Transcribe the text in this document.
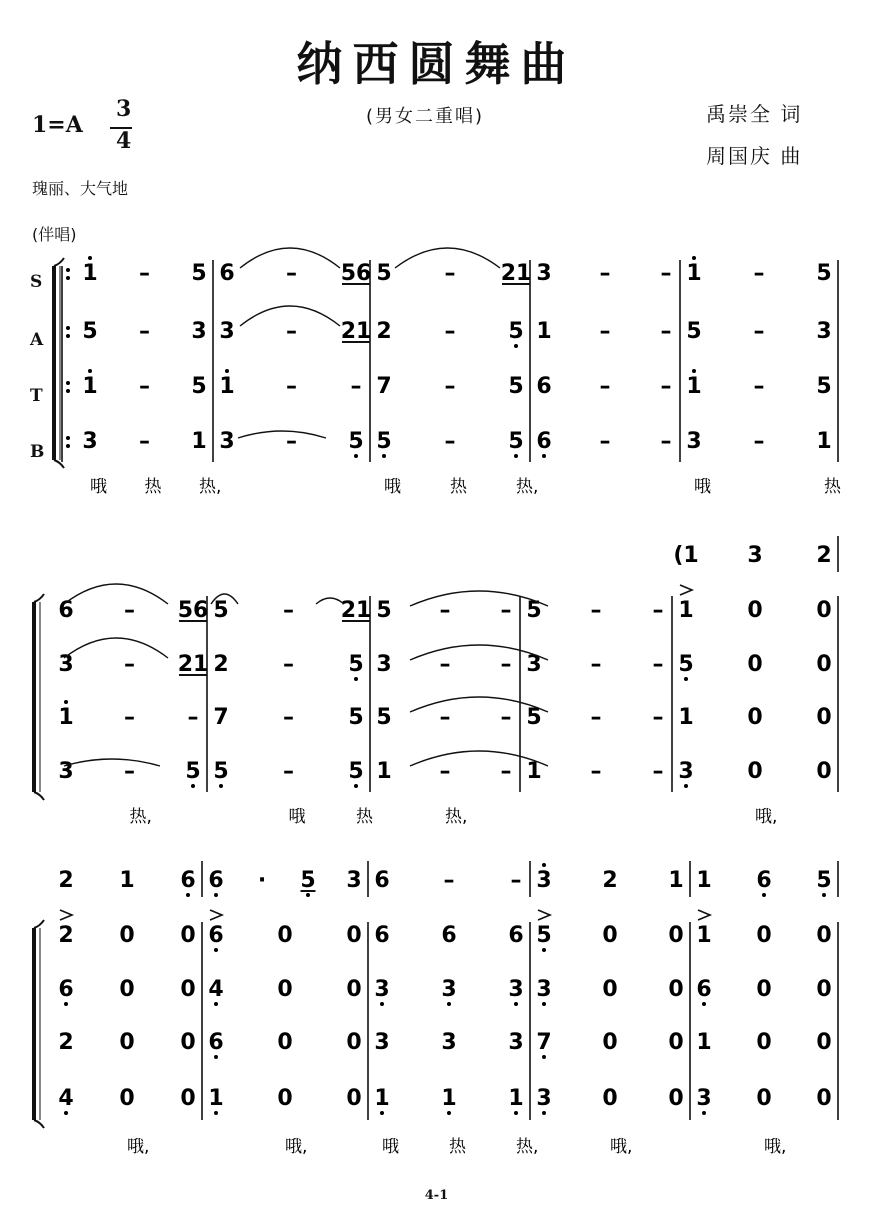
纳西圆舞曲
1=A
3
4
(男女二重唱)	禹崇全 词
周国庆 曲
瑰丽、大气地
(伴唱)
S
A
T
B
1 – 5 6 – 56 5 – 21 3 – – 1 – 5
5 – 3 3 – 21 2 – 5 1 – – 5 – 3
1 – 5 1 – – 7 – 5 6 – – 1 – 5
3 – 1 3 – 5 5 – 5 6 – – 3 – 1
哦 热 热,	哦	热	热,	哦	热
(1 3 2
6 – 56 5 – 21 5 – – 5 – – 1 0 0
3 – 21 2 – 5 3 – – 3 – – 5 0 0
1 – – 7 – 5 5 – – 5 – – 1 0 0
3 – 5 5 – 5 1 – – 1 – – 3 0 0
热,	哦	热	热,	哦,
2 1 6 6 · 5 3 6 –	– 3 2 1 1 6 5
2 0 0 6 0 0 6 6 6 5 0 0 1 0 0
6 0 0 4 0 0 3 3 3 3 0 0 6 0 0
2 0 0 6 0 0 3 3 3 7 0 0 1 0 0
4 0 0 1 0 0 1 1 1 3 0 0 3 0 0
哦,	哦,	哦	热	热,	哦,	哦,
4-1
